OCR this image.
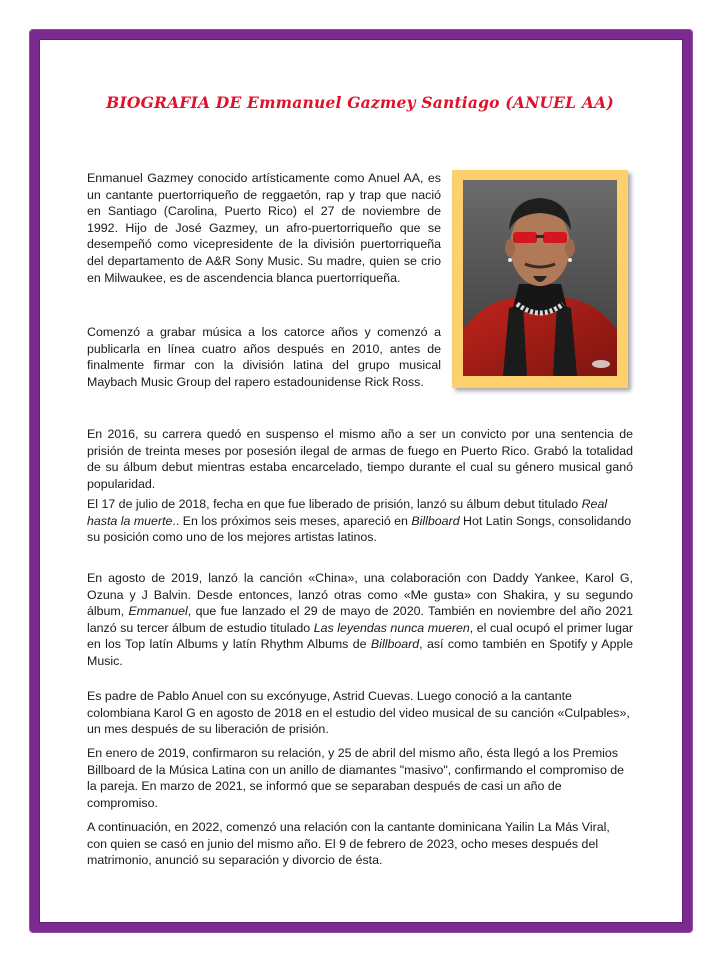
BIOGRAFIA DE Emmanuel Gazmey Santiago (ANUEL AA)

Enmanuel Gazmey conocido artísticamente como Anuel AA, es un cantante puertorriqueño de reggaetón, rap y trap que nació en Santiago (Carolina, Puerto Rico) el 27 de noviembre de 1992. Hijo de José Gazmey, un afro-puertorriqueño que se desempeñó como vicepresidente de la división puertorriqueña del departamento de A&R Sony Music. Su madre, quien se crio en Milwaukee, es de ascendencia blanca puertorriqueña.

Comenzó a grabar música a los catorce años y comenzó a publicarla en línea cuatro años después en 2010, antes de finalmente firmar con la división latina del grupo musical Maybach Music Group del rapero estadounidense Rick Ross.

En 2016, su carrera quedó en suspenso el mismo año a ser un convicto por una sentencia de prisión de treinta meses por posesión ilegal de armas de fuego en Puerto Rico. Grabó la totalidad de su álbum debut mientras estaba encarcelado, tiempo durante el cual su género musical ganó popularidad.

El 17 de julio de 2018, fecha en que fue liberado de prisión, lanzó su álbum debut titulado Real hasta la muerte.. En los próximos seis meses, apareció en Billboard Hot Latin Songs, consolidando su posición como uno de los mejores artistas latinos.

En agosto de 2019, lanzó la canción «China», una colaboración con Daddy Yankee, Karol G, Ozuna y J Balvin. Desde entonces, lanzó otras como «Me gusta» con Shakira, y su segundo álbum, Emmanuel, que fue lanzado el 29 de mayo de 2020. También en noviembre del año 2021 lanzó su tercer álbum de estudio titulado Las leyendas nunca mueren, el cual ocupó el primer lugar en los Top latín Albums y latín Rhythm Albums de Billboard, así como también en Spotify y Apple Music.

Es padre de Pablo Anuel con su excónyuge, Astrid Cuevas. Luego conoció a la cantante colombiana Karol G en agosto de 2018 en el estudio del video musical de su canción «Culpables», un mes después de su liberación de prisión.

En enero de 2019, confirmaron su relación, y 25 de abril del mismo año, ésta llegó a los Premios Billboard de la Música Latina con un anillo de diamantes "masivo", confirmando el compromiso de la pareja. En marzo de 2021, se informó que se separaban después de casi un año de compromiso.

A continuación, en 2022, comenzó una relación con la cantante dominicana Yailin La Más Viral, con quien se casó en junio del mismo año. El 9 de febrero de 2023, ocho meses después del matrimonio, anunció su separación y divorcio de ésta.
